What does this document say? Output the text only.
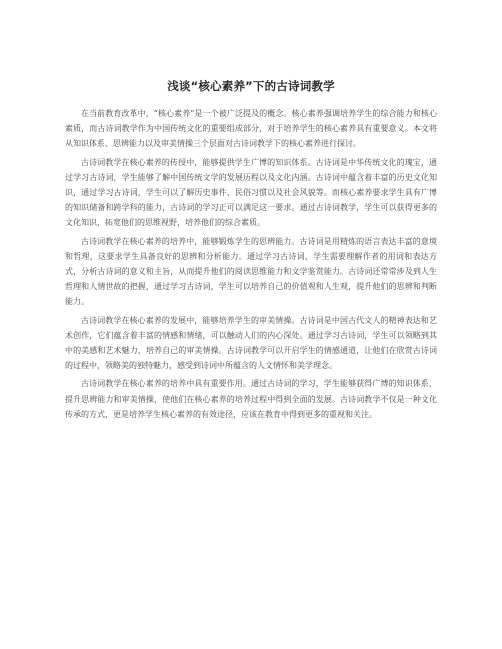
浅谈“核心素养”下的古诗词教学

在当前教育改革中，“核心素养”是一个被广泛提及的概念。核心素养强调培养学生的综合能力和核心素质，而古诗词教学作为中国传统文化的重要组成部分，对于培养学生的核心素养具有重要意义。本文将从知识体系、思辨能力以及审美情操三个层面对古诗词教学下的核心素养进行探讨。

古诗词教学在核心素养的传授中，能够提供学生广博的知识体系。古诗词是中华传统文化的瑰宝，通过学习古诗词，学生能够了解中国传统文学的发展历程以及文化内涵。古诗词中蕴含着丰富的历史文化知识，通过学习古诗词，学生可以了解历史事件、民俗习惯以及社会风貌等。而核心素养要求学生具有广博的知识储备和跨学科的能力，古诗词的学习正可以满足这一要求。通过古诗词教学，学生可以获得更多的文化知识，拓宽他们的思维视野，培养他们的综合素质。

古诗词教学在核心素养的培养中，能够锻炼学生的思辨能力。古诗词是用精炼的语言表达丰富的意境和哲理，这要求学生具备良好的思辨和分析能力。通过学习古诗词，学生需要理解作者的用词和表达方式，分析古诗词的意义和主旨，从而提升他们的阅读思维能力和文学鉴赏能力。古诗词还常常涉及到人生哲理和人情世故的把握，通过学习古诗词，学生可以培养自己的价值观和人生观，提升他们的思辨和判断能力。

古诗词教学在核心素养的发展中，能够培养学生的审美情操。古诗词是中国古代文人的精神表达和艺术创作，它们蕴含着丰富的情感和情绪，可以触动人们的内心深处。通过学习古诗词，学生可以领略到其中的美感和艺术魅力，培养自己的审美情操。古诗词教学可以开启学生的情感通道，让他们在欣赏古诗词的过程中，领略美的独特魅力，感受到诗词中所蕴含的人文情怀和美学理念。

古诗词教学在核心素养的培养中具有重要作用。通过古诗词的学习，学生能够获得广博的知识体系，提升思辨能力和审美情操，使他们在核心素养的培养过程中得到全面的发展。古诗词教学不仅是一种文化传承的方式，更是培养学生核心素养的有效途径，应该在教育中得到更多的重视和关注。
